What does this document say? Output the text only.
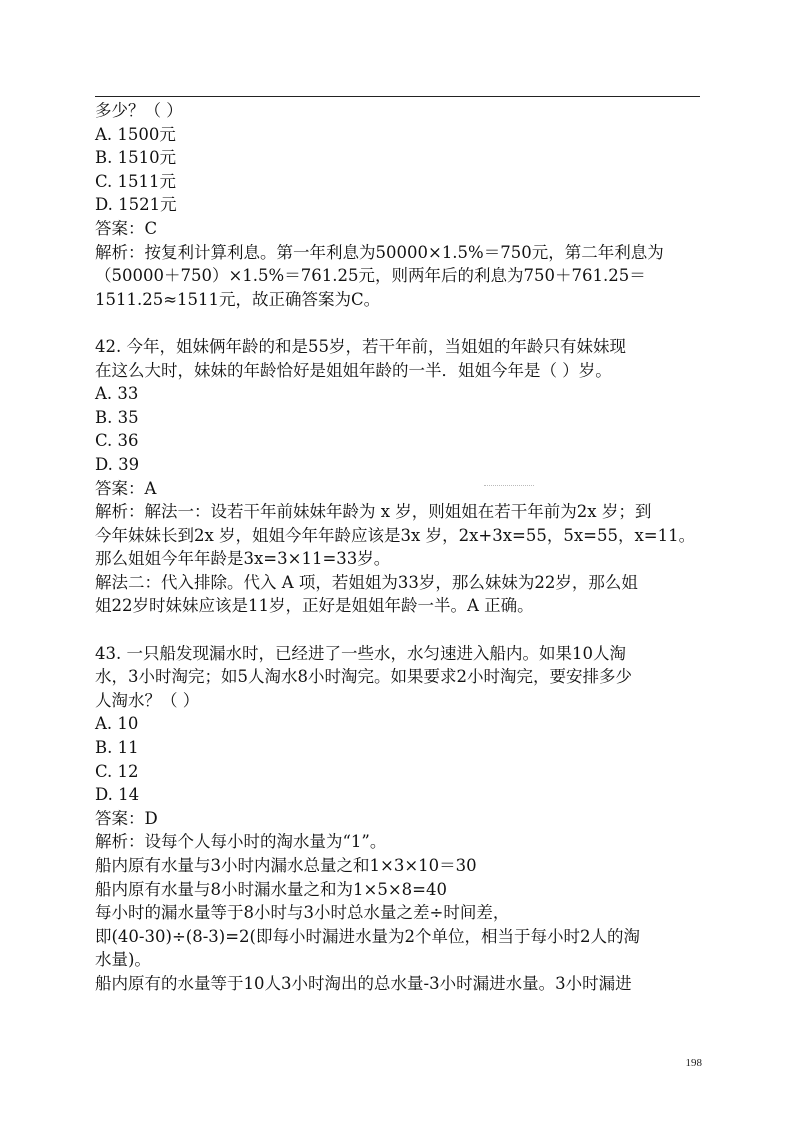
多少？（ ）
A. 1500元
B. 1510元
C. 1511元
D. 1521元
答案：C
解析：按复利计算利息。第一年利息为50000×1.5%＝750元，第二年利息为
（50000＋750）×1.5%＝761.25元，则两年后的利息为750＋761.25＝
1511.25≈1511元，故正确答案为C。
42. 今年，姐妹俩年龄的和是55岁，若干年前，当姐姐的年龄只有妹妹现
在这么大时，妹妹的年龄恰好是姐姐年龄的一半．姐姐今年是（ ）岁。
A. 33
B. 35
C. 36
D. 39
答案：A
解析：解法一：设若干年前妹妹年龄为 x 岁，则姐姐在若干年前为2x 岁；到
今年妹妹长到2x 岁，姐姐今年年龄应该是3x 岁，2x+3x=55，5x=55，x=11。
那么姐姐今年年龄是3x=3×11=33岁。
解法二：代入排除。代入 A 项，若姐姐为33岁，那么妹妹为22岁，那么姐
姐22岁时妹妹应该是11岁，正好是姐姐年龄一半。A 正确。
43. 一只船发现漏水时，已经进了一些水，水匀速进入船内。如果10人淘
水，3小时淘完；如5人淘水8小时淘完。如果要求2小时淘完，要安排多少
人淘水？（ ）
A. 10
B. 11
C. 12
D. 14
答案：D
解析：设每个人每小时的淘水量为“1”。
船内原有水量与3小时内漏水总量之和1×3×10＝30
船内原有水量与8小时漏水量之和为1×5×8=40
每小时的漏水量等于8小时与3小时总水量之差÷时间差，
即(40-30)÷(8-3)=2(即每小时漏进水量为2个单位，相当于每小时2人的淘
水量)。
船内原有的水量等于10人3小时淘出的总水量-3小时漏进水量。3小时漏进
198
